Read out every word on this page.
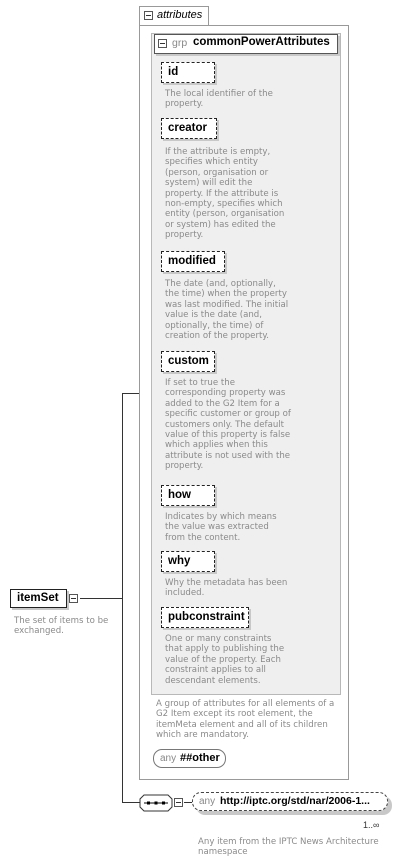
attributes
grp commonPowerAttributes
id
The local identifier of the
property.
creator
If the attribute is empty,
specifies which entity
(person, organisation or
system) will edit the
property. If the attribute is
non-empty, specifies which
entity (person, organisation
or system) has edited the
property.
modified
The date (and, optionally,
the time) when the property
was last modified. The initial
value is the date (and,
optionally, the time) of
creation of the property.
custom
If set to true the
corresponding property was
added to the G2 Item for a
specific customer or group of
customers only. The default
value of this property is false
which applies when this
attribute is not used with the
property.
how
Indicates by which means
the value was extracted
from the content.
why
Why the metadata has been
included.
pubconstraint
One or many constraints
that apply to publishing the
value of the property. Each
constraint applies to all
descendant elements.
A group of attributes for all elements of a
G2 Item except its root element, the
itemMeta element and all of its children
which are mandatory.
any ##other
itemSet
The set of items to be
exchanged.
any http://iptc.org/std/nar/2006-1...
1..∞
Any item from the IPTC News Architecture
namespace
